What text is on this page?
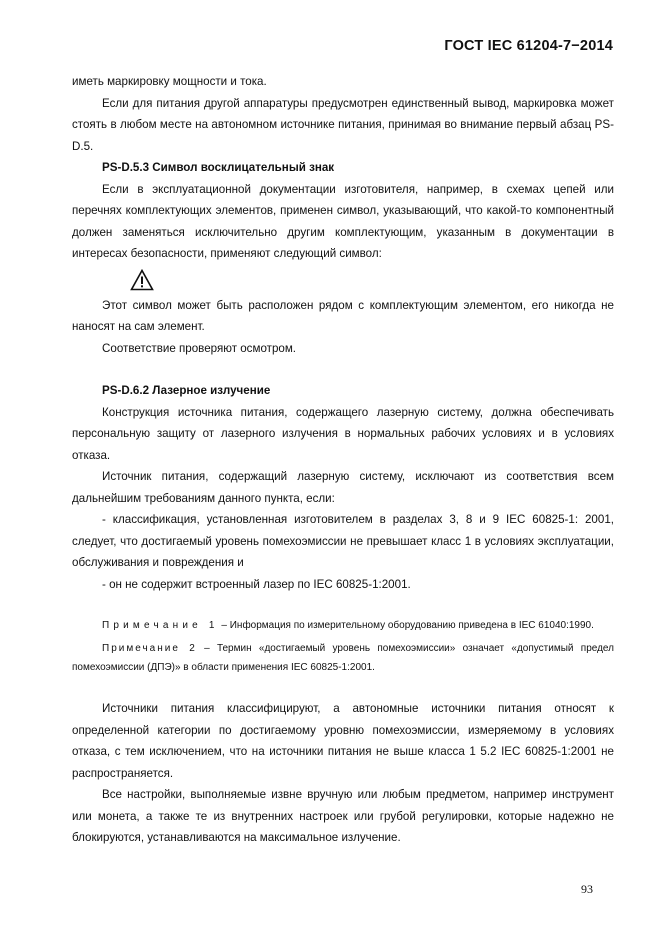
ГОСТ IEC 61204-7−2014

иметь маркировку мощности и тока.

Если для питания другой аппаратуры предусмотрен единственный вывод, маркировка может стоять в любом месте на автономном источнике питания, принимая во внимание первый абзац PS-D.5.

PS-D.5.3 Символ восклицательный знак

Если в эксплуатационной документации изготовителя, например, в схемах цепей или перечнях комплектующих элементов, применен символ, указывающий, что какой-то компонентный должен заменяться исключительно другим комплектующим, указанным в документации в интересах безопасности, применяют следующий символ:

Этот символ может быть расположен рядом с комплектующим элементом, его никогда не наносят на сам элемент.

Соответствие проверяют осмотром.

PS-D.6.2 Лазерное излучение

Конструкция источника питания, содержащего лазерную систему, должна обеспечивать персональную защиту от лазерного излучения в нормальных рабочих условиях и в условиях отказа.

Источник питания, содержащий лазерную систему, исключают из соответствия всем дальнейшим требованиям данного пункта, если:

- классификация, установленная изготовителем в разделах 3, 8 и 9 IEC 60825-1: 2001, следует, что достигаемый уровень помехоэмиссии не превышает класс 1 в условиях эксплуатации, обслуживания и повреждения и

- он не содержит встроенный лазер по IEC 60825-1:2001.

Примечание 1 – Информация по измерительному оборудованию приведена в IEC 61040:1990.

Примечание 2 – Термин «достигаемый уровень помехоэмиссии» означает «допустимый предел помехоэмиссии (ДПЭ)» в области применения IEC 60825-1:2001.

Источники питания классифицируют, а автономные источники питания относят к определенной категории по достигаемому уровню помехоэмиссии, измеряемому в условиях отказа, с тем исключением, что на источники питания не выше класса 1 5.2 IEC 60825-1:2001 не распространяется.

Все настройки, выполняемые извне вручную или любым предметом, например инструмент или монета, а также те из внутренних настроек или грубой регулировки, которые надежно не блокируются, устанавливаются на максимальное излучение.

93
